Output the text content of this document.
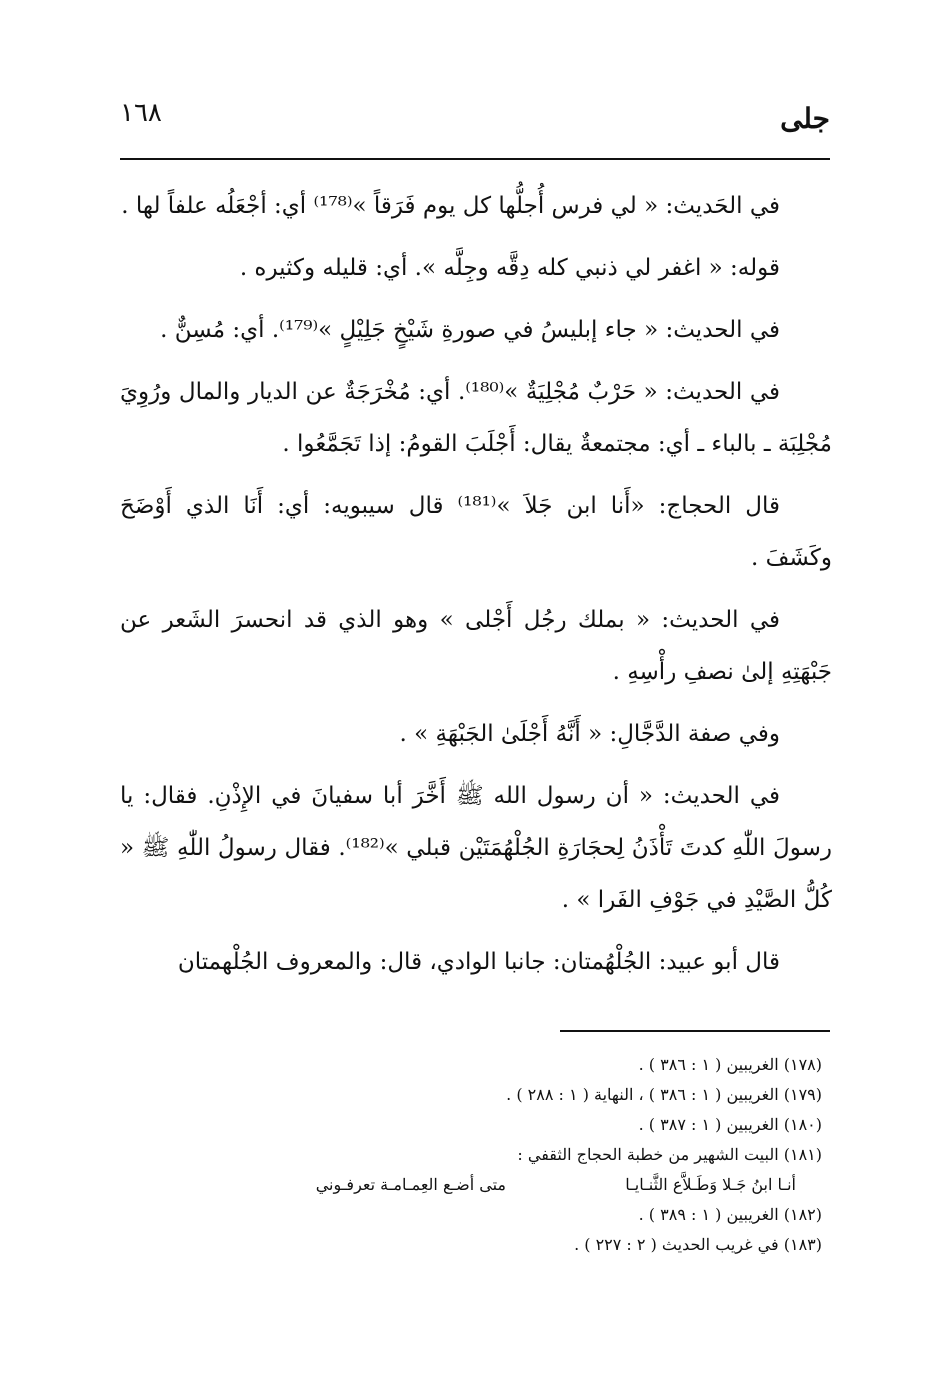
١٦٨	جلى

في الحَديث: « لي فرس أُجلُّها كل يوم فَرَقاً »⁽¹⁷⁸⁾ أي: أجْعَلُه علفاً لها .

قوله: « اغفر لي ذنبي كله دِقَّه وجِلَّه ». أي: قليله وكثيره .

في الحديث: « جاء إبليسُ في صورةِ شَيْخٍ جَلِيْلٍ »⁽¹⁷⁹⁾. أي: مُسِنٌّ .

في الحديث: « حَرْبٌ مُجْلِيَةٌ »⁽¹⁸⁰⁾. أي: مُخْرَجَةٌ عن الديار والمال ورُوِيَ مُجْلِبَة ـ بالباء ـ أي: مجتمعةٌ يقال: أَجْلَبَ القومُ: إذا تَجَمَّعُوا .

قال الحجاج: «أَنا ابن جَلاَ »⁽¹⁸¹⁾ قال سيبويه: أي: أَنَا الذي أَوْضَحَ وكَشَفَ .

في الحديث: « بملك رجُل أَجْلى » وهو الذي قد انحسرَ الشَعر عن جَبْهَتِهِ إلىٰ نصفِ رأْسِهِ .

وفي صفة الدَّجَّالِ: « أَنَّهُ أَجْلَىٰ الجَبْهَةِ » .

في الحديث: « أن رسول الله ﷺ أَخَّرَ أبا سفيانَ في الإِذْنِ. فقال: يا رسولَ اللّٰهِ كدتَ تَأْذَنُ لِحجَارَةِ الجُلْهُمَتَيْن قبلي »⁽¹⁸²⁾. فقال رسولُ اللّٰهِ ﷺ « كُلُّ الصَّيْدِ في جَوْفِ الفَرا » .

قال أبو عبيد: الجُلْهُمتان: جانبا الوادي، قال: والمعروف الجُلْهمتان

(١٧٨) الغريبين ( ١ : ٣٨٦ ) .

(١٧٩) الغريبين ( ١ : ٣٨٦ ) ، النهاية ( ١ : ٢٨٨ ) .

(١٨٠) الغريبين ( ١ : ٣٨٧ ) .

(١٨١) البيت الشهير من خطبة الحجاج الثقفي :

أنـا ابنُ جَـلا وَطَـلاَّع الثَّنـايـا
متى أضـع العِمـامـة تعرفـوني

(١٨٢) الغريبين ( ١ : ٣٨٩ ) .

(١٨٣) في غريب الحديث ( ٢ : ٢٢٧ ) .
